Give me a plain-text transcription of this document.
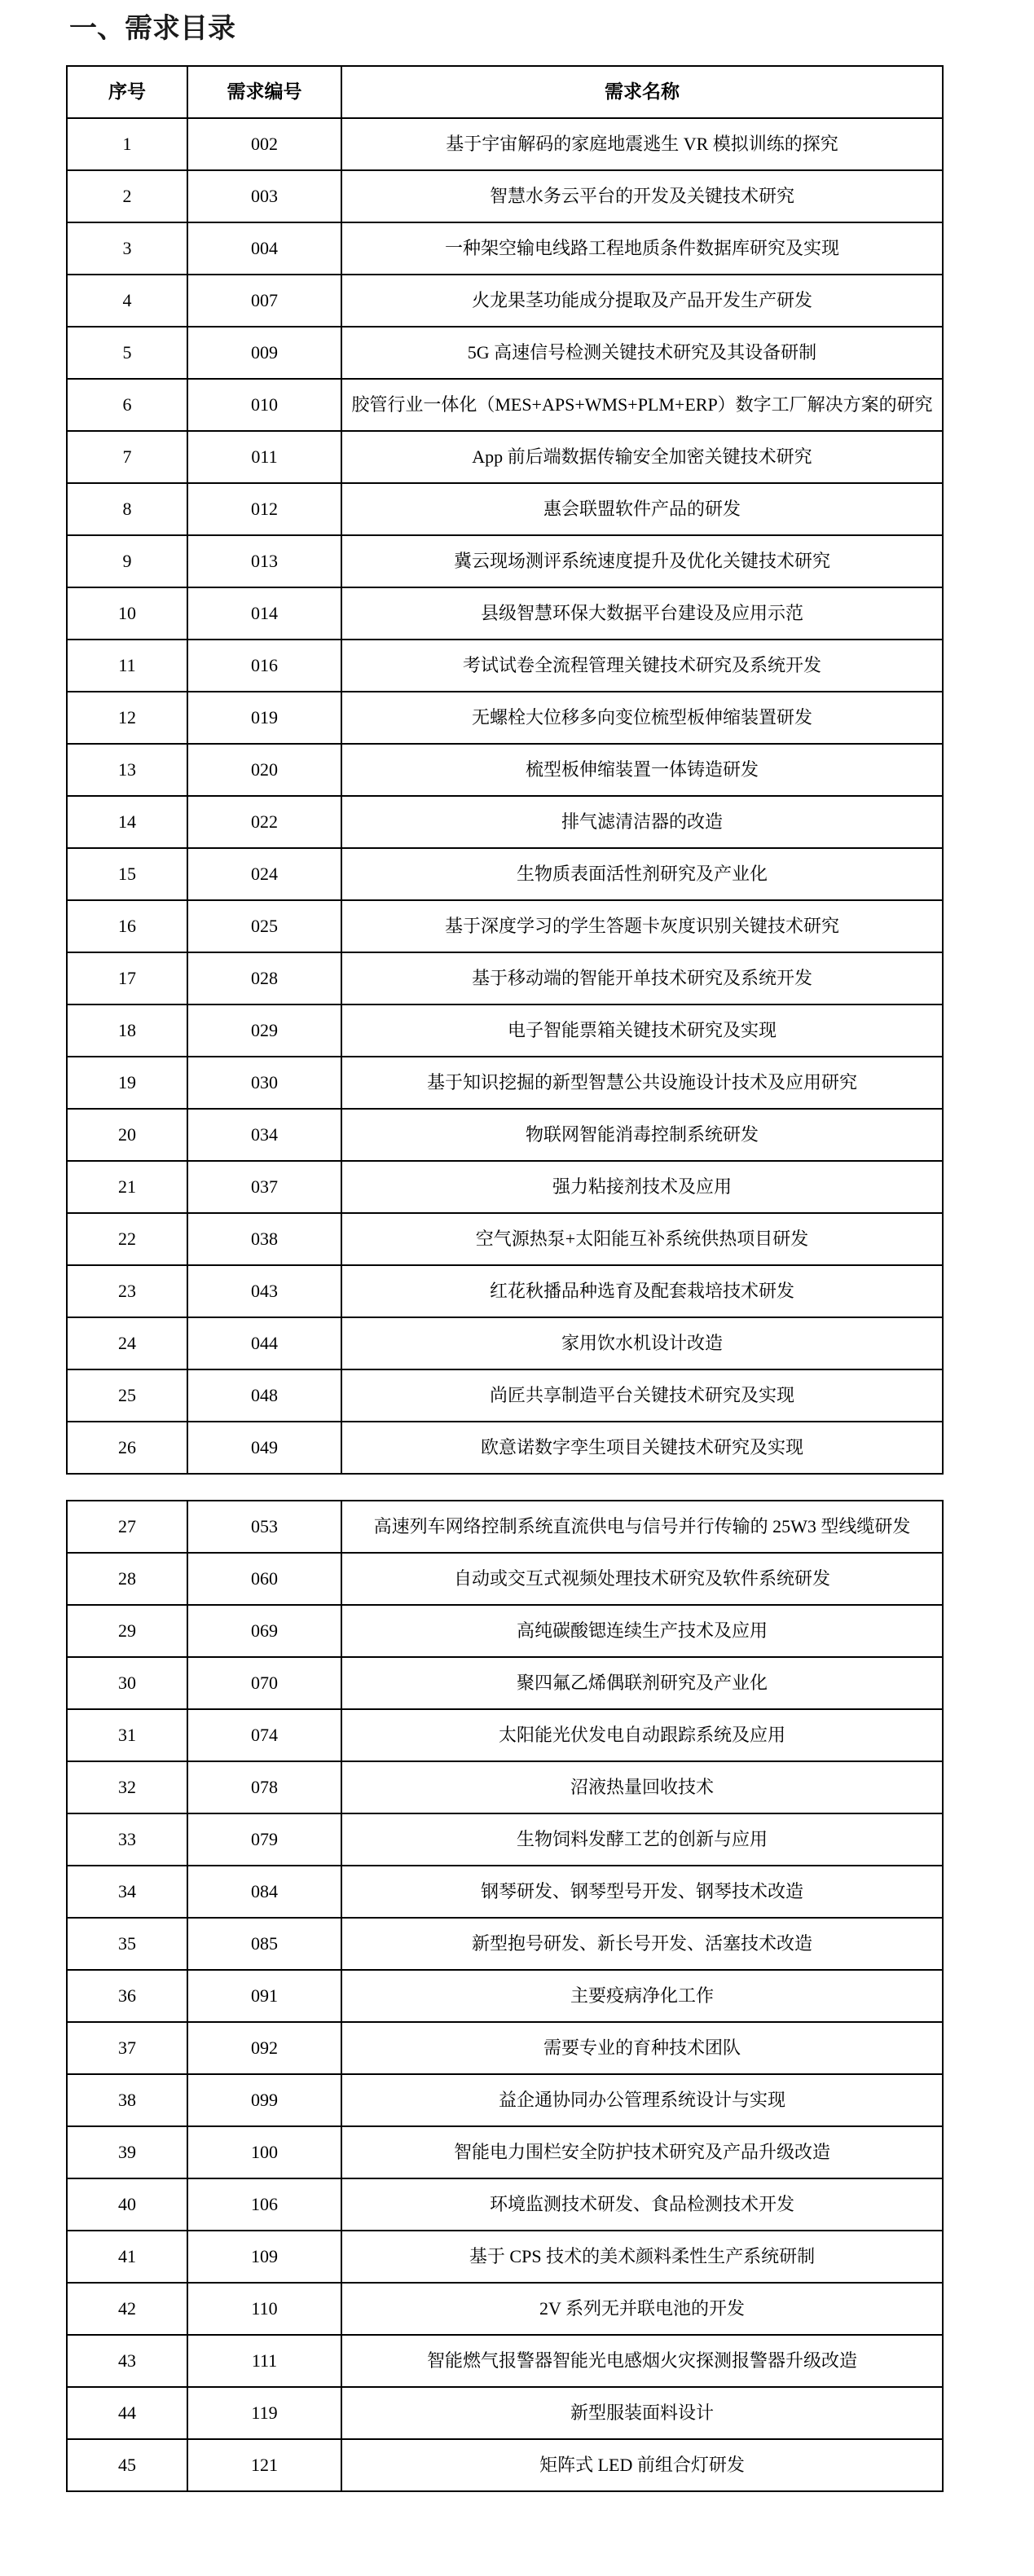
一、需求目录
序号	需求编号	需求名称
1	002	基于宇宙解码的家庭地震逃生 VR 模拟训练的探究
2	003	智慧水务云平台的开发及关键技术研究
3	004	一种架空输电线路工程地质条件数据库研究及实现
4	007	火龙果茎功能成分提取及产品开发生产研发
5	009	5G 高速信号检测关键技术研究及其设备研制
6	010	胶管行业一体化（MES+APS+WMS+PLM+ERP）数字工厂解决方案的研究
7	011	App 前后端数据传输安全加密关键技术研究
8	012	惠会联盟软件产品的研发
9	013	冀云现场测评系统速度提升及优化关键技术研究
10	014	县级智慧环保大数据平台建设及应用示范
11	016	考试试卷全流程管理关键技术研究及系统开发
12	019	无螺栓大位移多向变位梳型板伸缩装置研发
13	020	梳型板伸缩装置一体铸造研发
14	022	排气滤清洁器的改造
15	024	生物质表面活性剂研究及产业化
16	025	基于深度学习的学生答题卡灰度识别关键技术研究
17	028	基于移动端的智能开单技术研究及系统开发
18	029	电子智能票箱关键技术研究及实现
19	030	基于知识挖掘的新型智慧公共设施设计技术及应用研究
20	034	物联网智能消毒控制系统研发
21	037	强力粘接剂技术及应用
22	038	空气源热泵+太阳能互补系统供热项目研发
23	043	红花秋播品种选育及配套栽培技术研发
24	044	家用饮水机设计改造
25	048	尚匠共享制造平台关键技术研究及实现
26	049	欧意诺数字孪生项目关键技术研究及实现
27	053	高速列车网络控制系统直流供电与信号并行传输的 25W3 型线缆研发
28	060	自动或交互式视频处理技术研究及软件系统研发
29	069	高纯碳酸锶连续生产技术及应用
30	070	聚四氟乙烯偶联剂研究及产业化
31	074	太阳能光伏发电自动跟踪系统及应用
32	078	沼液热量回收技术
33	079	生物饲料发酵工艺的创新与应用
34	084	钢琴研发、钢琴型号开发、钢琴技术改造
35	085	新型抱号研发、新长号开发、活塞技术改造
36	091	主要疫病净化工作
37	092	需要专业的育种技术团队
38	099	益企通协同办公管理系统设计与实现
39	100	智能电力围栏安全防护技术研究及产品升级改造
40	106	环境监测技术研发、食品检测技术开发
41	109	基于 CPS 技术的美术颜料柔性生产系统研制
42	110	2V 系列无并联电池的开发
43	111	智能燃气报警器智能光电感烟火灾探测报警器升级改造
44	119	新型服装面料设计
45	121	矩阵式 LED 前组合灯研发
